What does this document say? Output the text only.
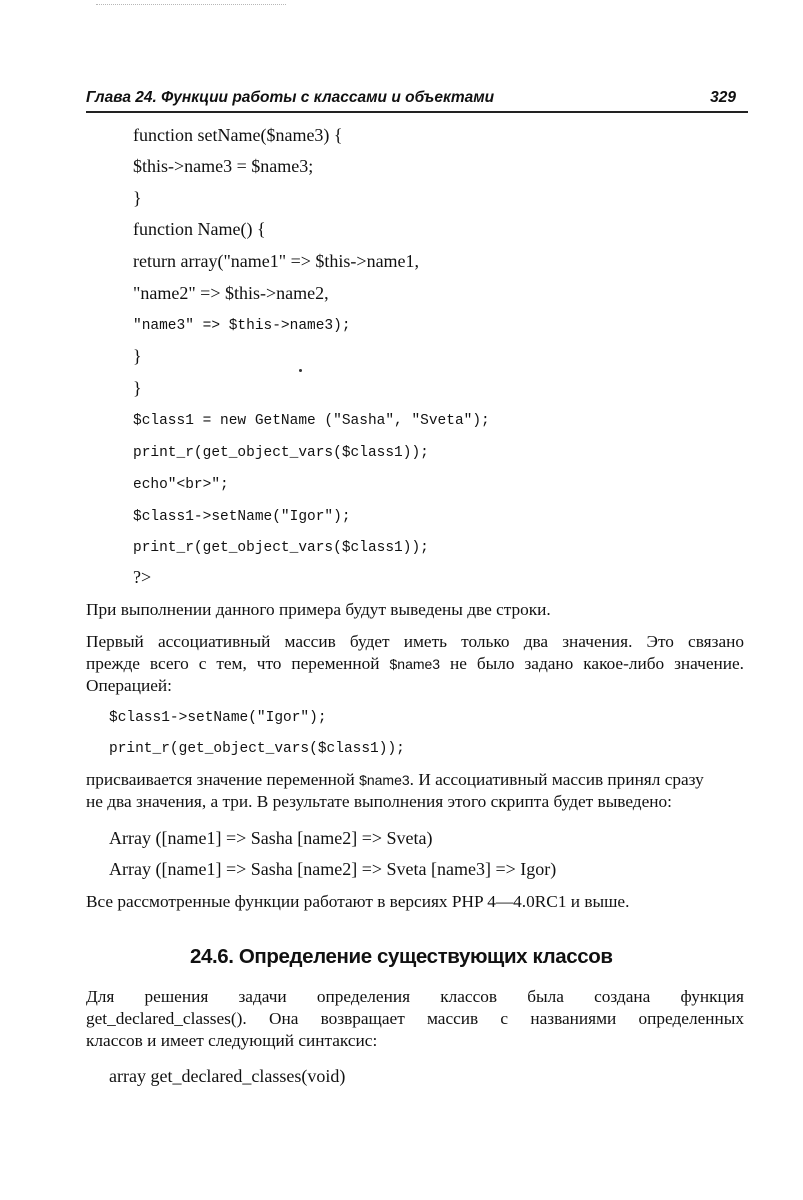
Глава 24. Функции работы с классами и объектами	329
function setName($name3) {
$this->name3 = $name3;
}
function Name() {
return array("name1" => $this->name1,
"name2" => $this->name2,
"name3" => $this->name3);
}
}
$class1 = new GetName ("Sasha", "Sveta");
print_r(get_object_vars($class1));
echo"<br>";
$class1->setName("Igor");
print_r(get_object_vars($class1));
?>
При выполнении данного примера будут выведены две строки.
Первый ассоциативный массив будет иметь только два значения. Это связано
прежде всего с тем, что переменной $name3 не было задано какое-либо значение.
Операцией:
$class1->setName("Igor");
print_r(get_object_vars($class1));
присваивается значение переменной $name3. И ассоциативный массив принял сразу
не два значения, а три. В результате выполнения этого скрипта будет выведено:
Array ([name1] => Sasha [name2] => Sveta)
Array ([name1] => Sasha [name2] => Sveta [name3] => Igor)
Все рассмотренные функции работают в версиях PHP 4—4.0RC1 и выше.
24.6. Определение существующих классов
Для решения задачи определения классов была создана функция
get_declared_classes(). Она возвращает массив с названиями определенных
классов и имеет следующий синтаксис:
array get_declared_classes(void)
